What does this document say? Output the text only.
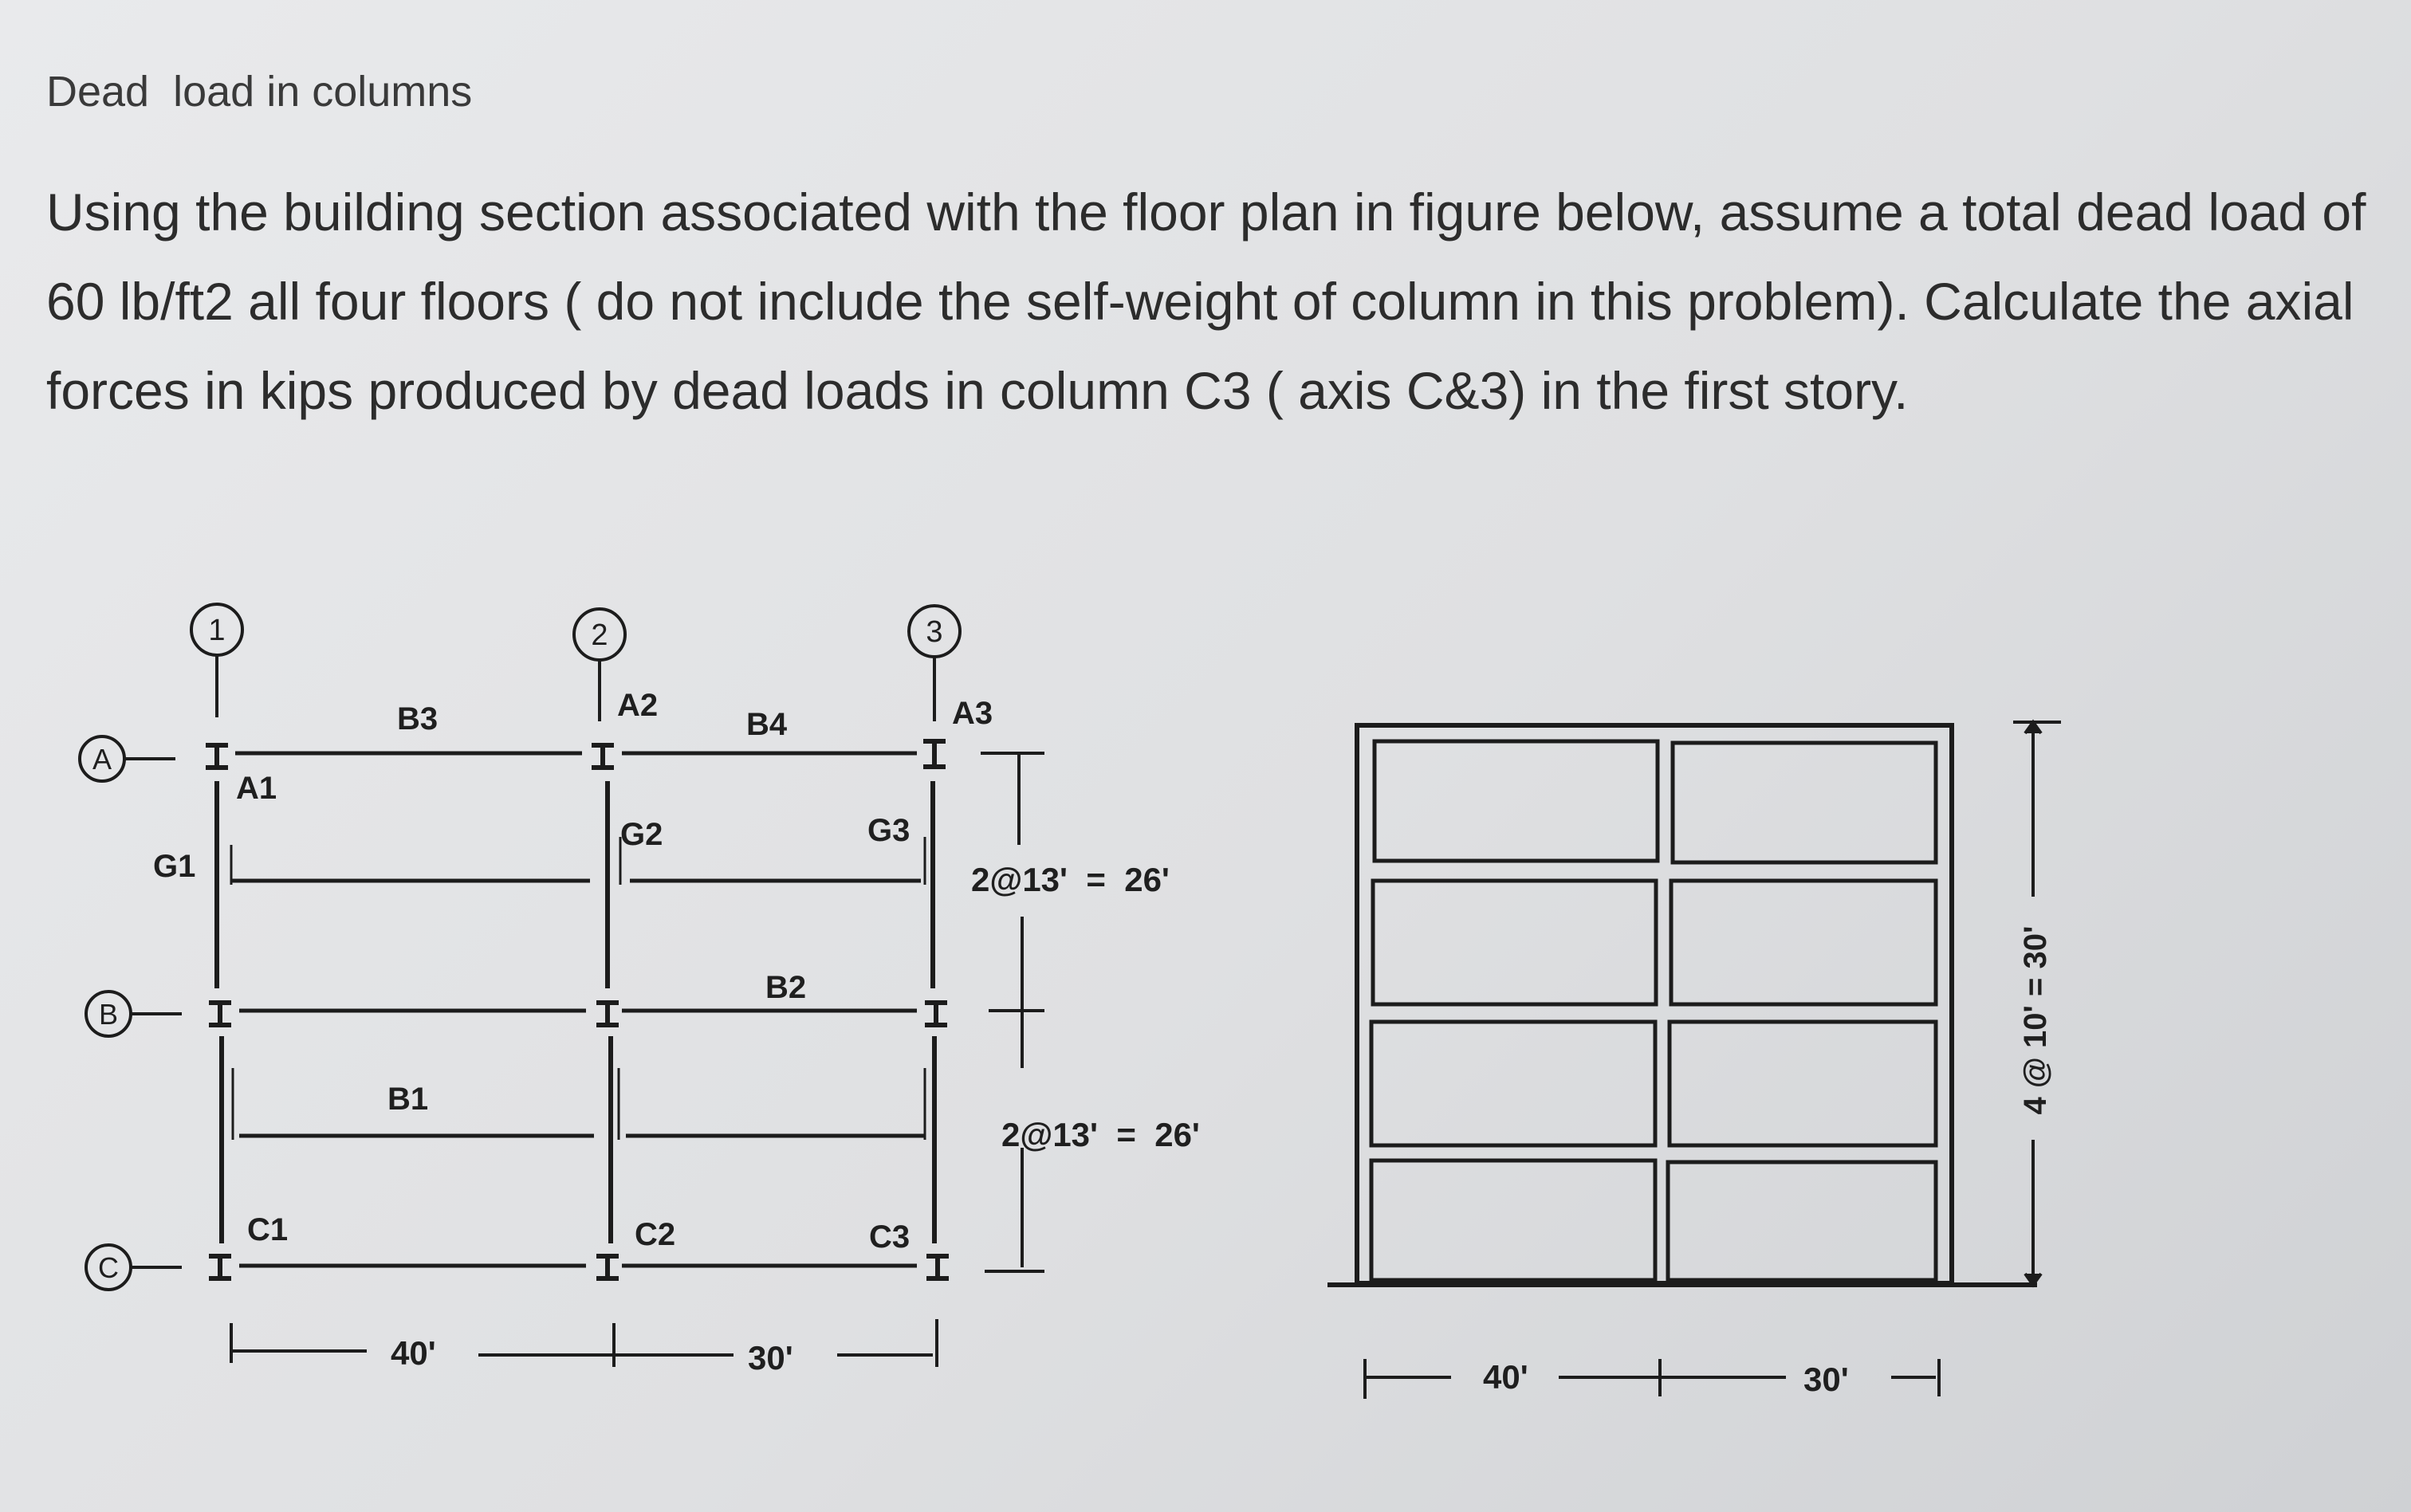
Dead  load in columns

Using the building section associated with the floor plan in figure below, assume a total dead load of 60 lb/ft2 all four floors ( do not include the self-weight of column in this problem). Calculate the axial forces in kips produced by dead loads in column C3 ( axis C&3) in the first story.

1	2	3
A
B
C
A1
A2	A3
C1	C2	C3
B3	B4
B2
B1
G1
G2	G3
2@13'  =  26'
2@13'  =  26'
40'	30'
4 @ 10' = 30'
40'	30'
